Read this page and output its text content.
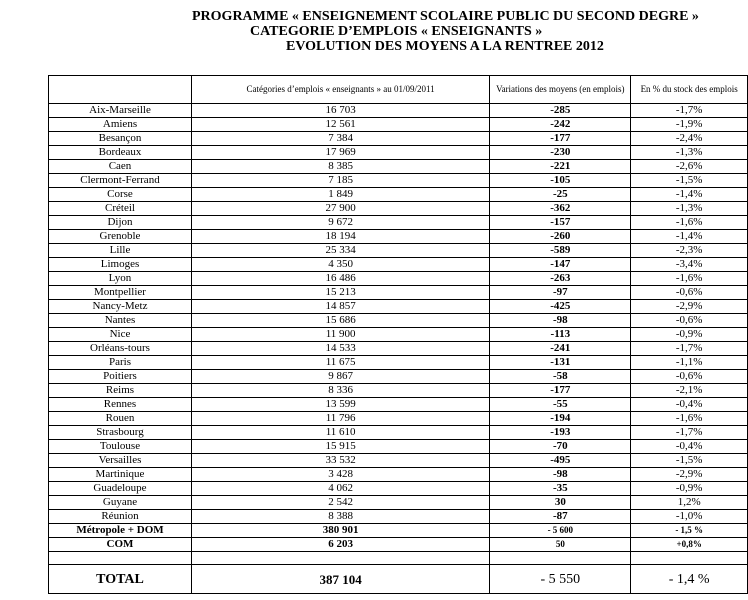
PROGRAMME « ENSEIGNEMENT SCOLAIRE PUBLIC DU SECOND DEGRE »
CATEGORIE D’EMPLOIS « ENSEIGNANTS »
EVOLUTION DES MOYENS A LA RENTREE 2012
	Catégories d’emplois « enseignants » au 01/09/2011	Variations des moyens (en emplois)	En % du stock des emplois
Aix-Marseille	16 703	-285	-1,7%
Amiens	12 561	-242	-1,9%
Besançon	7 384	-177	-2,4%
Bordeaux	17 969	-230	-1,3%
Caen	8 385	-221	-2,6%
Clermont-Ferrand	7 185	-105	-1,5%
Corse	1 849	-25	-1,4%
Créteil	27 900	-362	-1,3%
Dijon	9 672	-157	-1,6%
Grenoble	18 194	-260	-1,4%
Lille	25 334	-589	-2,3%
Limoges	4 350	-147	-3,4%
Lyon	16 486	-263	-1,6%
Montpellier	15 213	-97	-0,6%
Nancy-Metz	14 857	-425	-2,9%
Nantes	15 686	-98	-0,6%
Nice	11 900	-113	-0,9%
Orléans-tours	14 533	-241	-1,7%
Paris	11 675	-131	-1,1%
Poitiers	9 867	-58	-0,6%
Reims	8 336	-177	-2,1%
Rennes	13 599	-55	-0,4%
Rouen	11 796	-194	-1,6%
Strasbourg	11 610	-193	-1,7%
Toulouse	15 915	-70	-0,4%
Versailles	33 532	-495	-1,5%
Martinique	3 428	-98	-2,9%
Guadeloupe	4 062	-35	-0,9%
Guyane	2 542	30	1,2%
Réunion	8 388	-87	-1,0%
Métropole + DOM	380 901	- 5 600	- 1,5 %
COM	6 203	50	+0,8%

TOTAL	387 104	- 5 550	- 1,4 %
